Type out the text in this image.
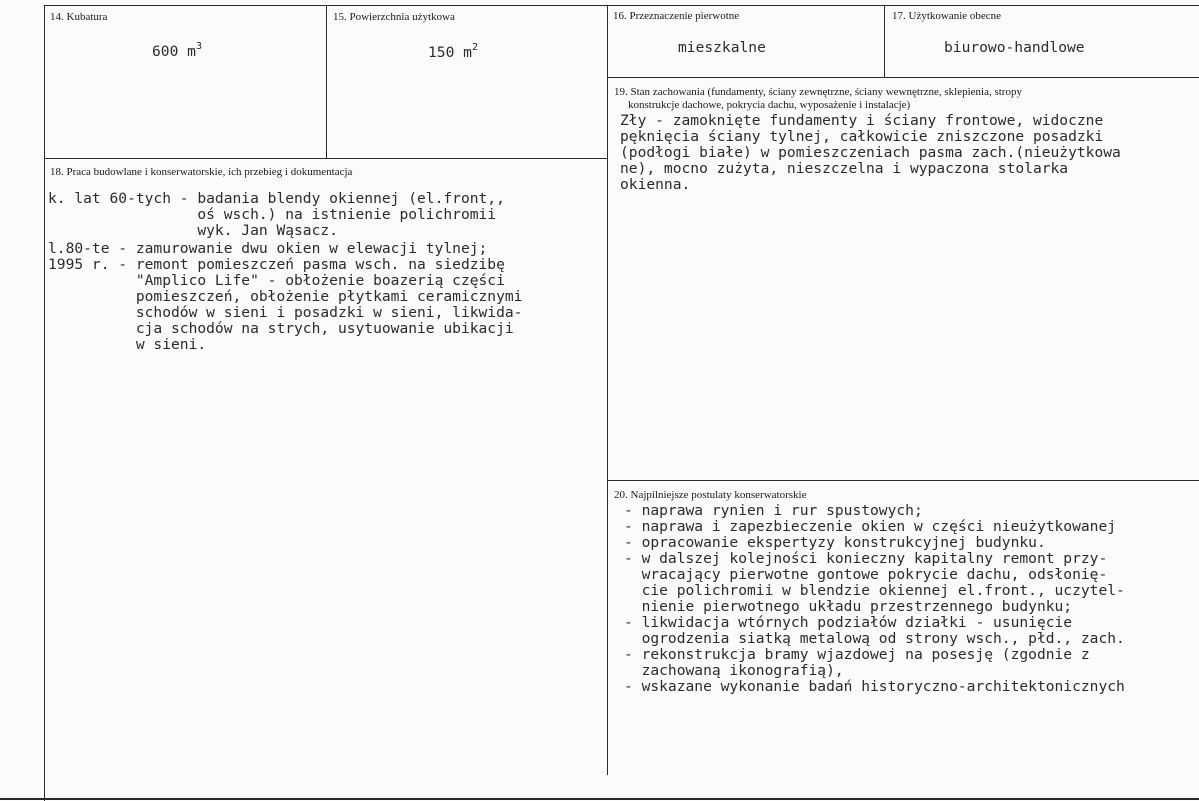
14. Kubatura
600 $m^3$
15. Powierzchnia użytkowa
150 $m^2$
16. Przeznaczenie pierwotne
mieszkalne
17. Użytkowanie obecne
biurowo-handlowe
19. Stan zachowania (fundamenty, ściany zewnętrzne, ściany wewnętrzne, sklepienia, stropy
konstrukcje dachowe, pokrycia dachu, wyposażenie i instalacje)
Zły - zamoknięte fundamenty i ściany frontowe, widoczne
pęknięcia ściany tylnej, całkowicie zniszczone posadzki
(podłogi białe) w pomieszczeniach pasma zach.(nieużytkowa
ne), mocno zużyta, nieszczelna i wypaczona stolarka
okienna.
18. Praca budowlane i konserwatorskie, ich przebieg i dokumentacja
k. lat 60-tych - badania blendy okiennej (el.front,,
oś wsch.) na istnienie polichromii
wyk. Jan Wąsacz.
l.80-te - zamurowanie dwu okien w elewacji tylnej;
1995 r. - remont pomieszczeń pasma wsch. na siedzibę
"Amplico Life" - obłożenie boazerią części
pomieszczeń, obłożenie płytkami ceramicznymi
schodów w sieni i posadzki w sieni, likwida-
cja schodów na strych, usytuowanie ubikacji
w sieni.
20. Najpilniejsze postulaty konserwatorskie
- naprawa rynien i rur spustowych;
- naprawa i zapezbieczenie okien w części nieużytkowanej
- opracowanie ekspertyzy konstrukcyjnej budynku.
- w dalszej kolejności konieczny kapitalny remont przy-
wracający pierwotne gontowe pokrycie dachu, odsłonię-
cie polichromii w blendzie okiennej el.front., uczytel-
nienie pierwotnego układu przestrzennego budynku;
- likwidacja wtórnych podziałów działki - usunięcie
ogrodzenia siatką metalową od strony wsch., płd., zach.
- rekonstrukcja bramy wjazdowej na posesję (zgodnie z
zachowaną ikonografią),
- wskazane wykonanie badań historyczno-architektonicznych
